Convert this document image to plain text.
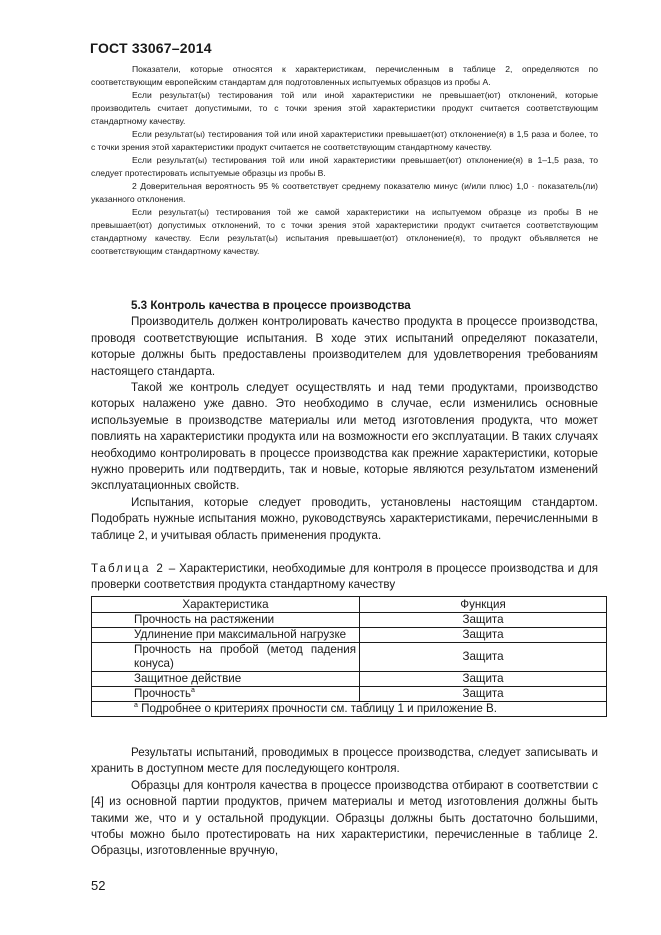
ГОСТ 33067–2014

Показатели, которые относятся к характеристикам, перечисленным в таблице 2, определяются по соответствующим европейским стандартам для подготовленных испытуемых образцов из пробы А.

Если результат(ы) тестирования той или иной характеристики не превышает(ют) отклонений, которые производитель считает допустимыми, то с точки зрения этой характеристики продукт считается соответствующим стандартному качеству.

Если результат(ы) тестирования той или иной характеристики превышает(ют) отклонение(я) в 1,5 раза и более, то с точки зрения этой характеристики продукт считается не соответствующим стандартному качеству.

Если результат(ы) тестирования той или иной характеристики превышает(ют) отклонение(я) в 1–1,5 раза, то следует протестировать испытуемые образцы из пробы В.

2 Доверительная вероятность 95 % соответствует среднему показателю минус (и/или плюс) 1,0 · показатель(ли) указанного отклонения.

Если результат(ы) тестирования той же самой характеристики на испытуемом образце из пробы В не превышает(ют) допустимых отклонений, то с точки зрения этой характеристики продукт считается соответствующим стандартному качеству. Если результат(ы) испытания превышает(ют) отклонение(я), то продукт объявляется не соответствующим стандартному качеству.

5.3 Контроль качества в процессе производства

Производитель должен контролировать качество продукта в процессе производства, проводя соответствующие испытания. В ходе этих испытаний определяют показатели, которые должны быть предоставлены производителем для удовлетворения требованиям настоящего стандарта.

Такой же контроль следует осуществлять и над теми продуктами, производство которых налажено уже давно. Это необходимо в случае, если изменились основные используемые в производстве материалы или метод изготовления продукта, что может повлиять на характеристики продукта или на возможности его эксплуатации. В таких случаях необходимо контролировать в процессе производства как прежние характеристики, которые нужно проверить или подтвердить, так и новые, которые являются результатом изменений эксплуатационных свойств.

Испытания, которые следует проводить, установлены настоящим стандартом. Подобрать нужные испытания можно, руководствуясь характеристиками, перечисленными в таблице 2, и учитывая область применения продукта.

Таблица 2 – Характеристики, необходимые для контроля в процессе производства и для проверки соответствия продукта стандартному качеству
Характеристика	Функция
Прочность на растяжении	Защита
Удлинение при максимальной нагрузке	Защита
Прочность на пробой (метод падения конуса)	Защита
Защитное действие	Защита
Прочность$^a$	Защита
$^a$ Подробнее о критериях прочности см. таблицу 1 и приложение В.	

Результаты испытаний, проводимых в процессе производства, следует записывать и хранить в доступном месте для последующего контроля.

Образцы для контроля качества в процессе производства отбирают в соответствии с [4] из основной партии продуктов, причем материалы и метод изготовления должны быть такими же, что и у остальной продукции. Образцы должны быть достаточно большими, чтобы можно было протестировать на них характеристики, перечисленные в таблице 2. Образцы, изготовленные вручную,

52
